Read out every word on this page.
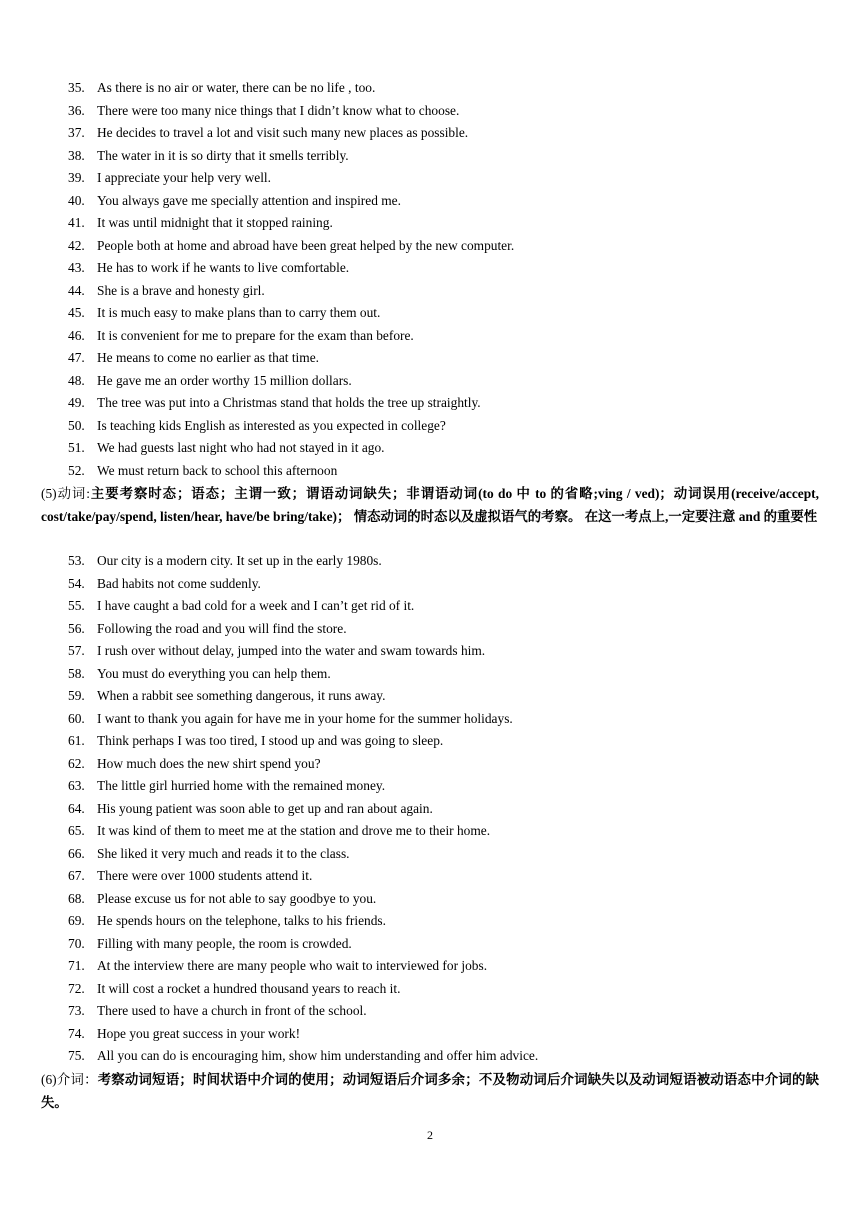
35. As there is no air or water, there can be no life , too.
36. There were too many nice things that I didn’t know what to choose.
37. He decides to travel a lot and visit such many new places as possible.
38. The water in it is so dirty that it smells terribly.
39. I appreciate your help very well.
40. You always gave me specially attention and inspired me.
41. It was until midnight that it stopped raining.
42. People both at home and abroad have been great helped by the new computer.
43. He has to work if he wants to live comfortable.
44. She is a brave and honesty girl.
45. It is much easy to make plans than to carry them out.
46. It is convenient for me to prepare for the exam than before.
47. He means to come no earlier as that time.
48. He gave me an order worthy 15 million dollars.
49. The tree was put into a Christmas stand that holds the tree up straightly.
50. Is teaching kids English as interested as you expected in college?
51. We had guests last night who had not stayed in it ago.
52. We must return back to school this afternoon
(5)动词:主要考察时态；语态；主谓一致；谓语动词缺失；非谓语动词(to do 中 to 的省略;ving / ved)；动词误用(receive/accept, cost/take/pay/spend, listen/hear, have/be bring/take)； 情态动词的时态以及虚拟语气的考察。 在这一考点上,一定要注意 and 的重要性
53. Our city is a modern city. It set up in the early 1980s.
54. Bad habits not come suddenly.
55. I have caught a bad cold for a week and I can’t get rid of it.
56. Following the road and you will find the store.
57. I rush over without delay, jumped into the water and swam towards him.
58. You must do everything you can help them.
59. When a rabbit see something dangerous, it runs away.
60. I want to thank you again for have me in your home for the summer holidays.
61. Think perhaps I was too tired, I stood up and was going to sleep.
62. How much does the new shirt spend you?
63. The little girl hurried home with the remained money.
64. His young patient was soon able to get up and ran about again.
65. It was kind of them to meet me at the station and drove me to their home.
66. She liked it very much and reads it to the class.
67. There were over 1000 students attend it.
68. Please excuse us for not able to say goodbye to you.
69. He spends hours on the telephone, talks to his friends.
70. Filling with many people, the room is crowded.
71. At the interview there are many people who wait to interviewed for jobs.
72. It will cost a rocket a hundred thousand years to reach it.
73. There used to have a church in front of the school.
74. Hope you great success in your work!
75. All you can do is encouraging him, show him understanding and offer him advice.
(6)介词：考察动词短语；时间状语中介词的使用；动词短语后介词多余；不及物动词后介词缺失以及动词短语被动语态中介词的缺失。
2
